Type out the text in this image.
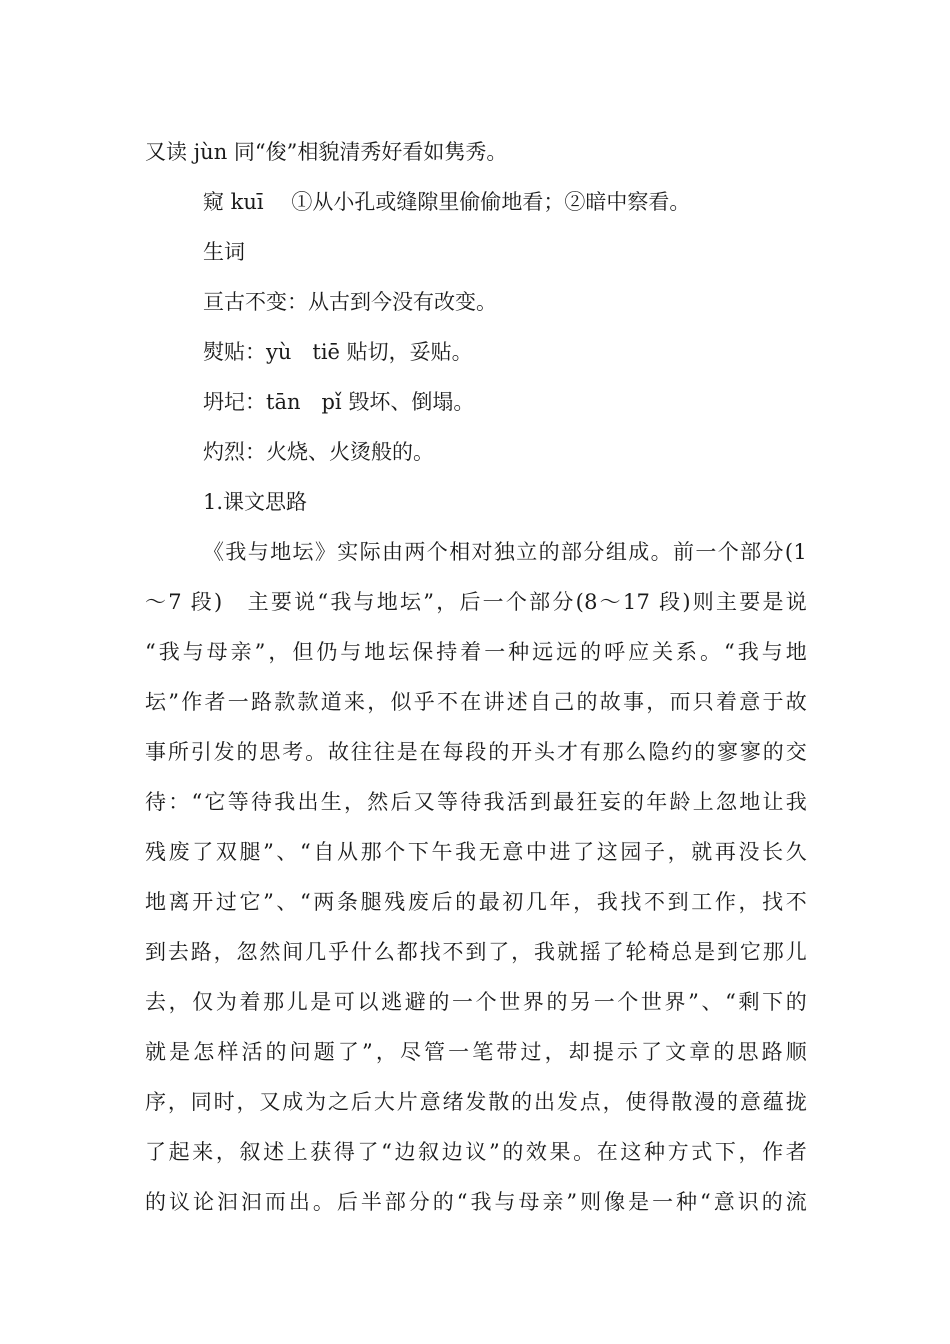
又读 jùn 同“俊”相貌清秀好看如隽秀。
窥 kuī　 ①从小孔或缝隙里偷偷地看；②暗中察看。
生词
亘古不变：从古到今没有改变。
熨贴：yù　tiē 贴切，妥贴。
坍圮：tān　pǐ 毁坏、倒塌。
灼烈：火烧、火烫般的。
1.课文思路
《我与地坛》实际由两个相对独立的部分组成。前一个部分(1
～7 段)　主要说“我与地坛”，后一个部分(8～17 段)则主要是说
“我与母亲”，但仍与地坛保持着一种远远的呼应关系。“我与地
坛”作者一路款款道来，似乎不在讲述自己的故事，而只着意于故
事所引发的思考。故往往是在每段的开头才有那么隐约的寥寥的交
待：“它等待我出生，然后又等待我活到最狂妄的年龄上忽地让我
残废了双腿”、“自从那个下午我无意中进了这园子，就再没长久
地离开过它”、“两条腿残废后的最初几年，我找不到工作，找不
到去路，忽然间几乎什么都找不到了，我就摇了轮椅总是到它那儿
去，仅为着那儿是可以逃避的一个世界的另一个世界”、“剩下的
就是怎样活的问题了”，尽管一笔带过，却提示了文章的思路顺
序，同时，又成为之后大片意绪发散的出发点，使得散漫的意蕴拢
了起来，叙述上获得了“边叙边议”的效果。在这种方式下，作者
的议论汩汩而出。后半部分的“我与母亲”则像是一种“意识的流
